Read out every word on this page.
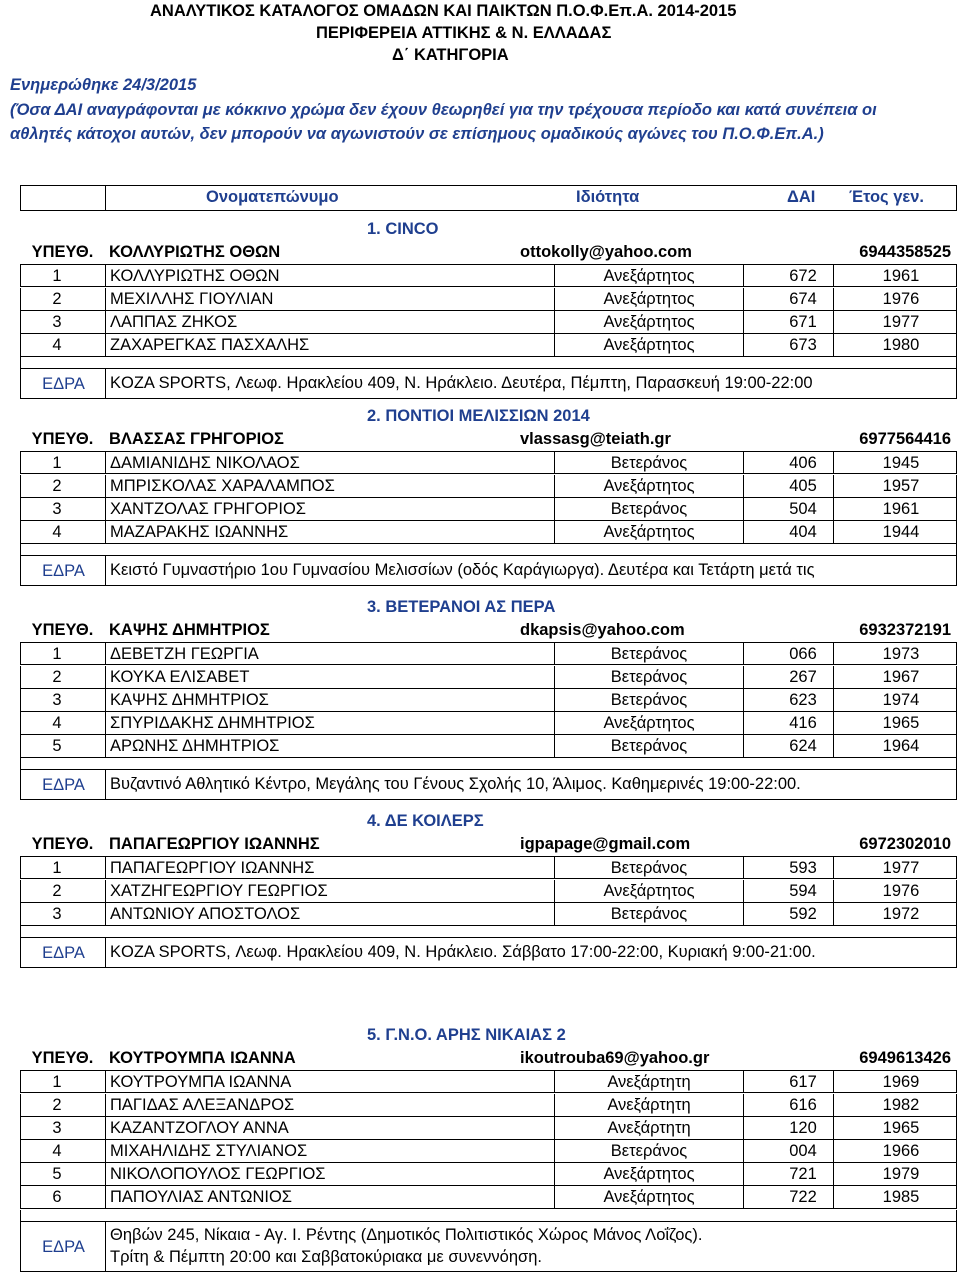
ΑΝΑΛΥΤΙΚΟΣ ΚΑΤΑΛΟΓΟΣ ΟΜΑΔΩΝ ΚΑΙ ΠΑΙΚΤΩΝ Π.Ο.Φ.Επ.Α. 2014-2015
ΠΕΡΙΦΕΡΕΙΑ ΑΤΤΙΚΗΣ & Ν. ΕΛΛΑΔΑΣ
Δ΄ ΚΑΤΗΓΟΡΙΑ
Ενημερώθηκε 24/3/2015
(Όσα ΔΑΙ αναγράφονται με κόκκινο χρώμα δεν έχουν θεωρηθεί για την τρέχουσα περίοδο και κατά συνέπεια οι αθλητές κάτοχοι αυτών, δεν μπορούν να αγωνιστούν σε επίσημους ομαδικούς αγώνες του Π.Ο.Φ.Επ.Α.)
Ονοματεπώνυμο	Ιδιότητα	ΔΑΙ Έτος γεν.
1. CINCO
ΥΠΕΥΘ. ΚΟΛΛΥΡΙΩΤΗΣ ΟΘΩΝ	ottokolly@yahoo.com	6944358525
1	ΚΟΛΛΥΡΙΩΤΗΣ ΟΘΩΝ	Ανεξάρτητος	672	1961
2	ΜΕΧΙΛΛΗΣ ΓΙΟΥΛΙΑΝ	Ανεξάρτητος	674	1976
3	ΛΑΠΠΑΣ ΖΗΚΟΣ	Ανεξάρτητος	671	1977
4	ΖΑΧΑΡΕΓΚΑΣ ΠΑΣΧΑΛΗΣ	Ανεξάρτητος	673	1980
ΕΔΡΑ	KOZA SPORTS, Λεωφ. Ηρακλείου 409, Ν. Ηράκλειο. Δευτέρα, Πέμπτη, Παρασκευή 19:00-22:00
2. ΠΟΝΤΙΟΙ ΜΕΛΙΣΣΙΩΝ 2014
ΥΠΕΥΘ. ΒΛΑΣΣΑΣ ΓΡΗΓΟΡΙΟΣ	vlassasg@teiath.gr	6977564416
1	ΔΑΜΙΑΝΙΔΗΣ ΝΙΚΟΛΑΟΣ	Βετεράνος	406	1945
2	ΜΠΡΙΣΚΟΛΑΣ ΧΑΡΑΛΑΜΠΟΣ	Ανεξάρτητος	405	1957
3	ΧΑΝΤΖΟΛΑΣ ΓΡΗΓΟΡΙΟΣ	Βετεράνος	504	1961
4	ΜΑΖΑΡΑΚΗΣ ΙΩΑΝΝΗΣ	Ανεξάρτητος	404	1944
ΕΔΡΑ	Κειστό Γυμναστήριο 1ου Γυμνασίου Μελισσίων (οδός Καράγιωργα). Δευτέρα και Τετάρτη μετά τις
3. ΒΕΤΕΡΑΝΟΙ ΑΣ ΠΕΡΑ
ΥΠΕΥΘ. ΚΑΨΗΣ ΔΗΜΗΤΡΙΟΣ	dkapsis@yahoo.com	6932372191
1	ΔΕΒΕΤΖΗ ΓΕΩΡΓΙΑ	Βετεράνος	066	1973
2	ΚΟΥΚΑ ΕΛΙΣΑΒΕΤ	Βετεράνος	267	1967
3	ΚΑΨΗΣ ΔΗΜΗΤΡΙΟΣ	Βετεράνος	623	1974
4	ΣΠΥΡΙΔΑΚΗΣ ΔΗΜΗΤΡΙΟΣ	Ανεξάρτητος	416	1965
5	ΑΡΩΝΗΣ ΔΗΜΗΤΡΙΟΣ	Βετεράνος	624	1964
ΕΔΡΑ	Βυζαντινό Αθλητικό Κέντρο, Μεγάλης του Γένους Σχολής 10, Άλιμος. Καθημερινές 19:00-22:00.
4. ΔΕ ΚΟΙΛΕΡΣ
ΥΠΕΥΘ. ΠΑΠΑΓΕΩΡΓΙΟΥ ΙΩΑΝΝΗΣ	igpapage@gmail.com	6972302010
1	ΠΑΠΑΓΕΩΡΓΙΟΥ ΙΩΑΝΝΗΣ	Βετεράνος	593	1977
2	ΧΑΤΖΗΓΕΩΡΓΙΟΥ ΓΕΩΡΓΙΟΣ	Ανεξάρτητος	594	1976
3	ΑΝΤΩΝΙΟΥ ΑΠΟΣΤΟΛΟΣ	Βετεράνος	592	1972
ΕΔΡΑ	KOZA SPORTS, Λεωφ. Ηρακλείου 409, Ν. Ηράκλειο. Σάββατο 17:00-22:00, Κυριακή 9:00-21:00.
5. Γ.Ν.Ο. ΑΡΗΣ ΝΙΚΑΙΑΣ 2
ΥΠΕΥΘ. ΚΟΥΤΡΟΥΜΠΑ ΙΩΑΝΝΑ	ikoutrouba69@yahoo.gr	6949613426
1	ΚΟΥΤΡΟΥΜΠΑ ΙΩΑΝΝΑ	Ανεξάρτητη	617	1969
2	ΠΑΓΙΔΑΣ ΑΛΕΞΑΝΔΡΟΣ	Ανεξάρτητη	616	1982
3	ΚΑΖΑΝΤΖΟΓΛΟΥ ΑΝΝΑ	Ανεξάρτητη	120	1965
4	ΜΙΧΑΗΛΙΔΗΣ ΣΤΥΛΙΑΝΟΣ	Βετεράνος	004	1966
5	ΝΙΚΟΛΟΠΟΥΛΟΣ ΓΕΩΡΓΙΟΣ	Ανεξάρτητος	721	1979
6	ΠΑΠΟΥΛΙΑΣ ΑΝΤΩΝΙΟΣ	Ανεξάρτητος	722	1985
ΕΔΡΑ
Θηβών 245, Νίκαια - Αγ. Ι. Ρέντης (Δημοτικός Πολιτιστικός Χώρος Μάνος Λοΐζος).
Τρίτη & Πέμπτη 20:00 και Σαββατοκύριακα με συνεννόηση.
